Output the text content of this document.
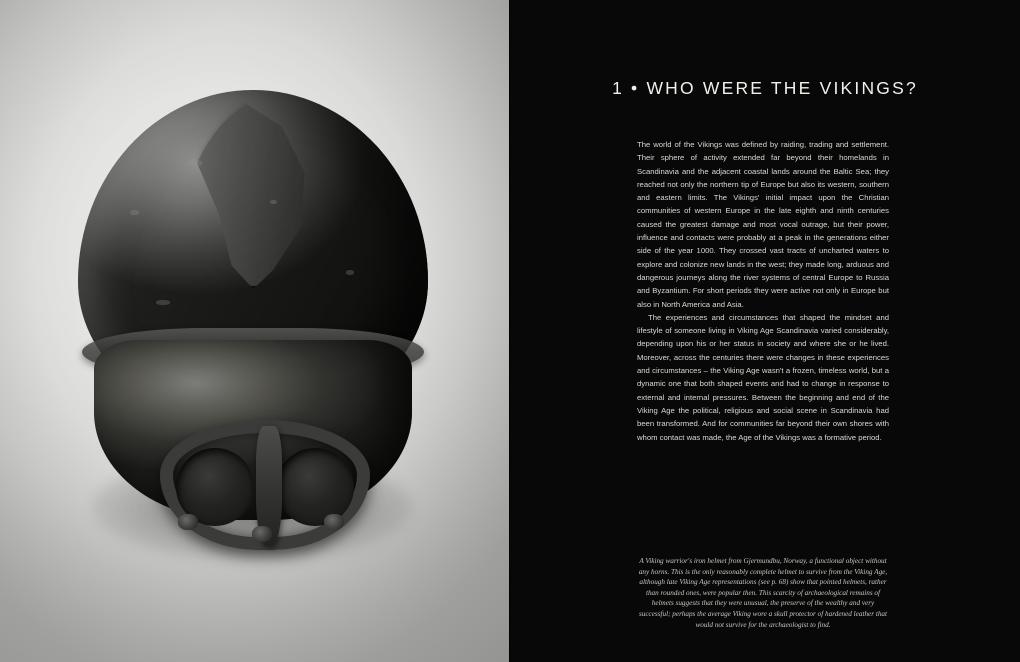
1 • WHO WERE THE VIKINGS?

The world of the Vikings was defined by raiding, trading and settlement. Their sphere of activity extended far beyond their homelands in Scandinavia and the adjacent coastal lands around the Baltic Sea; they reached not only the northern tip of Europe but also its western, southern and eastern limits. The Vikings' initial impact upon the Christian communities of western Europe in the late eighth and ninth centuries caused the greatest damage and most vocal outrage, but their power, influence and contacts were probably at a peak in the generations either side of the year 1000. They crossed vast tracts of uncharted waters to explore and colonize new lands in the west; they made long, arduous and dangerous journeys along the river systems of central Europe to Russia and Byzantium. For short periods they were active not only in Europe but also in North America and Asia.

The experiences and circumstances that shaped the mindset and lifestyle of someone living in Viking Age Scandinavia varied considerably, depending upon his or her status in society and where she or he lived. Moreover, across the centuries there were changes in these experiences and circumstances – the Viking Age wasn't a frozen, timeless world, but a dynamic one that both shaped events and had to change in response to external and internal pressures. Between the beginning and end of the Viking Age the political, religious and social scene in Scandinavia had been transformed. And for communities far beyond their own shores with whom contact was made, the Age of the Vikings was a formative period.

A Viking warrior's iron helmet from Gjermundbu, Norway, a functional object without any horns. This is the only reasonably complete helmet to survive from the Viking Age, although late Viking Age representations (see p. 68) show that pointed helmets, rather than rounded ones, were popular then. This scarcity of archaeological remains of helmets suggests that they were unusual, the preserve of the wealthy and very successful; perhaps the average Viking wore a skull protector of hardened leather that would not survive for the archaeologist to find.
